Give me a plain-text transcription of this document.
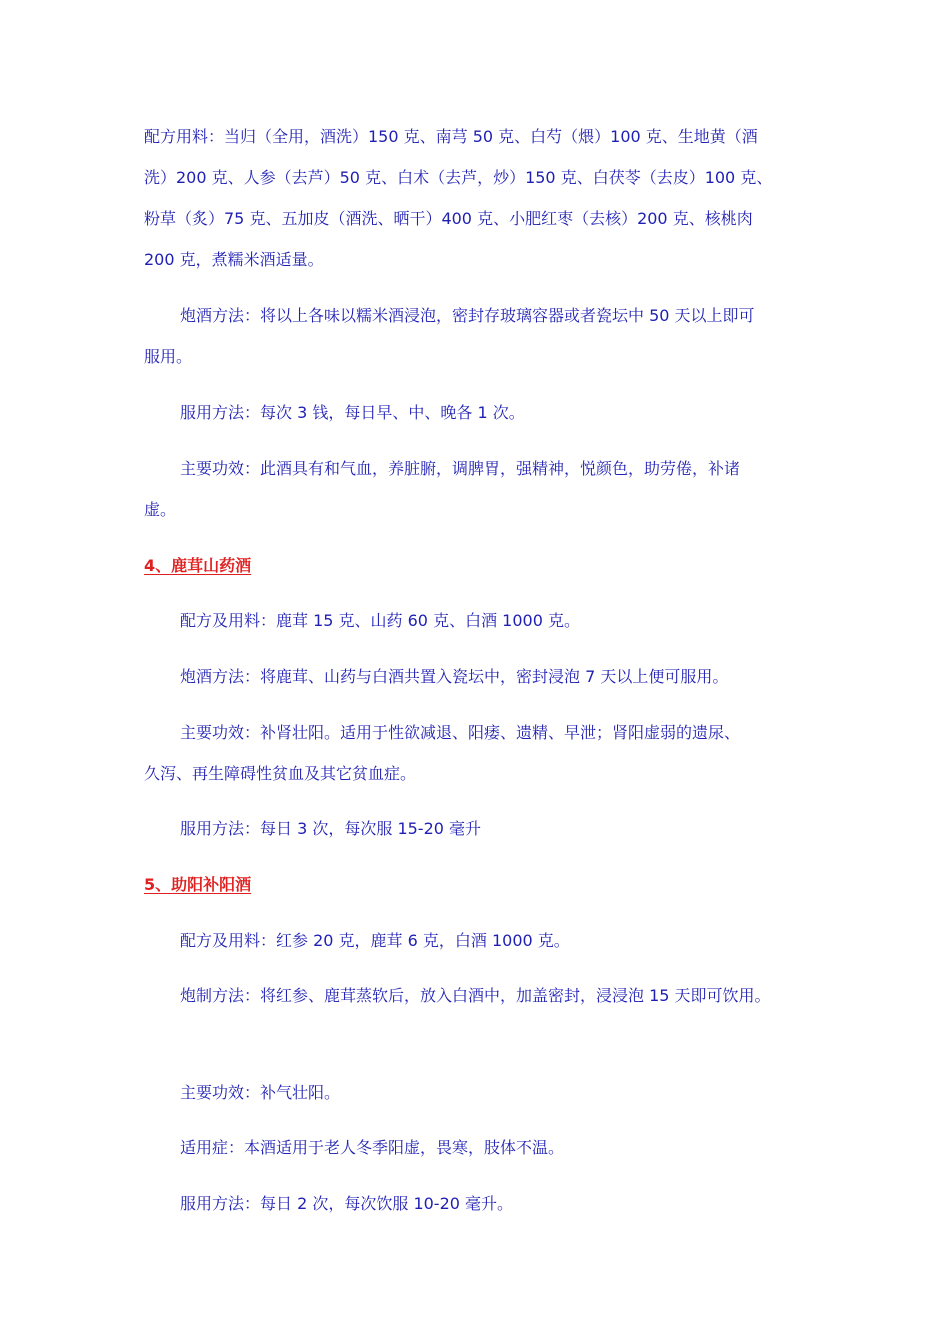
配方用料：当归（全用，酒洗）150 克、南芎 50 克、白芍（煨）100 克、生地黄（酒
洗）200 克、人参（去芦）50 克、白术（去芦，炒）150 克、白茯苓（去皮）100 克、
粉草（炙）75 克、五加皮（酒洗、晒干）400 克、小肥红枣（去核）200 克、核桃肉
200 克，煮糯米酒适量。
炮酒方法：将以上各味以糯米酒浸泡，密封存玻璃容器或者瓷坛中 50 天以上即可
服用。
服用方法：每次 3 钱，每日早、中、晚各 1 次。
主要功效：此酒具有和气血，养脏腑，调脾胃，强精神，悦颜色，助劳倦，补诸
虚。
4、鹿茸山药酒
配方及用料：鹿茸 15 克、山药 60 克、白酒 1000 克。
炮酒方法：将鹿茸、山药与白酒共置入瓷坛中，密封浸泡 7 天以上便可服用。
主要功效：补肾壮阳。适用于性欲减退、阳痿、遗精、早泄；肾阳虚弱的遗尿、
久泻、再生障碍性贫血及其它贫血症。
服用方法：每日 3 次，每次服 15-20 毫升
5、助阳补阳酒
配方及用料：红参 20 克，鹿茸 6 克，白酒 1000 克。
炮制方法：将红参、鹿茸蒸软后，放入白酒中，加盖密封，浸浸泡 15 天即可饮用。
主要功效：补气壮阳。
适用症：本酒适用于老人冬季阳虚，畏寒，肢体不温。
服用方法：每日 2 次，每次饮服 10-20 毫升。
